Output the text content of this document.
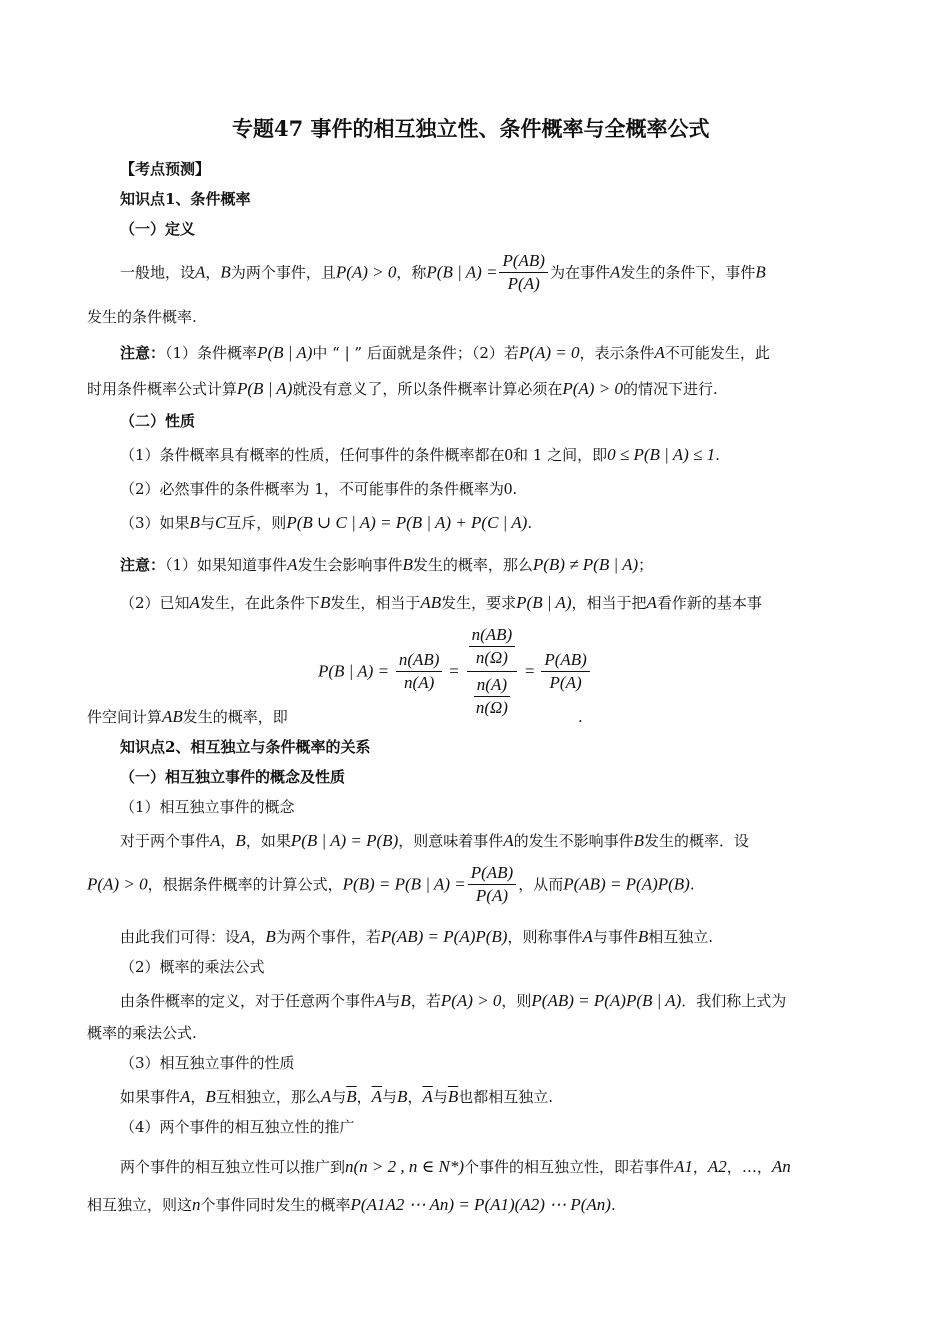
专题47 事件的相互独立性、条件概率与全概率公式
【考点预测】
知识点1、条件概率
（一）定义
一般地，设A，B为两个事件，且P(A) > 0，称P(B | $A) = \frac{P(AB)}{P(A)}$ 为在事件A发生的条件下，事件B
发生的条件概率.
注意：（1）条件概率P(B | A)中 “ | ” 后面就是条件；（2）若P(A) = 0，表示条件A不可能发生，此
时用条件概率公式计算P(B | A)就没有意义了，所以条件概率计算必须在P(A) > 0的情况下进行.
（二）性质
（1）条件概率具有概率的性质，任何事件的条件概率都在0和 1 之间，即0 ≤ P(B | A) ≤ 1.
（2）必然事件的条件概率为 1，不可能事件的条件概率为0.
（3）如果B与C互斥，则P(B ∪ C | A) = P(B | A) + P(C | A).
注意：（1）如果知道事件A发生会影响事件B发生的概率，那么P(B) ≠ P(B | A)；
（2）已知A发生，在此条件下B发生，相当于AB发生，要求P(B | A)，相当于把A看作新的基本事
P(B | $A) = \frac{n(AB)}{n(A)} = \frac{\frac{n(AB)}{n(\Omega)}}{\frac{n(A)}{n(\Omega)}} = \frac{P(AB)}{P(A)}$
件空间计算AB发生的概率，即	.
知识点2、相互独立与条件概率的关系
（一）相互独立事件的概念及性质
（1）相互独立事件的概念
对于两个事件A，B，如果P(B | A) = P(B)，则意味着事件A的发生不影响事件B发生的概率．设
P(A) > 0，根据条件概率的计算公式，P(B) = P(B | $A) = \frac{P(AB)}{P(A)}$ ，从而P(AB) = P(A)P(B).
由此我们可得：设A，B为两个事件，若P(AB) = P(A)P(B)，则称事件A与事件B相互独立.
（2）概率的乘法公式
由条件概率的定义，对于任意两个事件A与B，若P(A) > 0，则P(AB) = P(A)P(B | A)．我们称上式为
概率的乘法公式.
（3）相互独立事件的性质
如果事件A，B互相独立，那么A与$\overline{B}$，$\overline{A}$与B，$\overline{A}$与$\overline{B}$也都相互独立.
（4）两个事件的相互独立性的推广
两个事件的相互独立性可以推广到n(n > 2 , n ∈ N*)个事件的相互独立性，即若事件A1，A2，…，An
相互独立，则这n个事件同时发生的概率P(A1A2 ⋯ An) = P(A1)(A2) ⋯ P(An).
